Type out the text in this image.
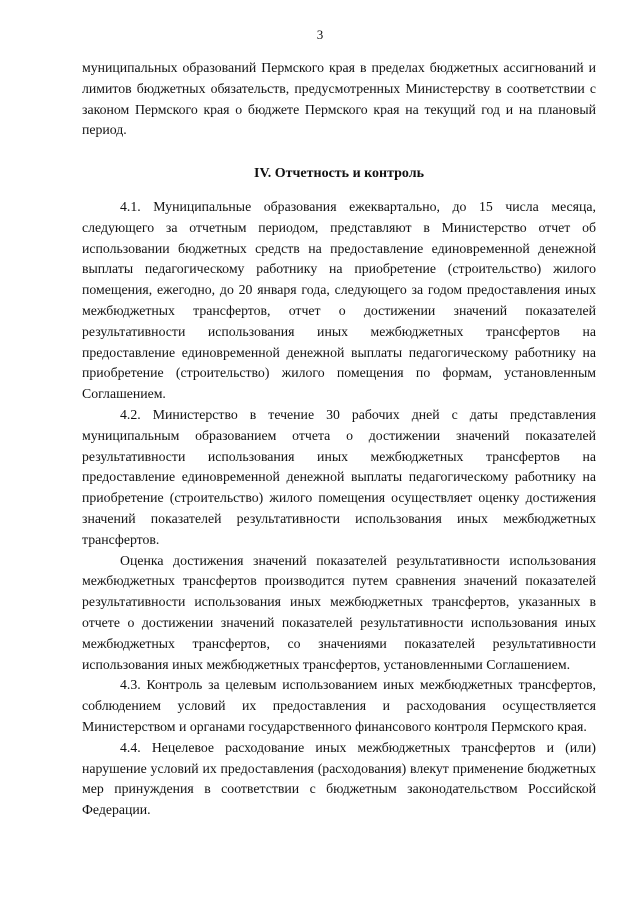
3

муниципальных образований Пермского края в пределах бюджетных ассигнований и лимитов бюджетных обязательств, предусмотренных Министерству в соответствии с законом Пермского края о бюджете Пермского края на текущий год и на плановый период.

IV. Отчетность и контроль

4.1. Муниципальные образования ежеквартально, до 15 числа месяца, следующего за отчетным периодом, представляют в Министерство отчет об использовании бюджетных средств на предоставление единовременной денежной выплаты педагогическому работнику на приобретение (строительство) жилого помещения, ежегодно, до 20 января года, следующего за годом предоставления иных межбюджетных трансфертов, отчет о достижении значений показателей результативности использования иных межбюджетных трансфертов на предоставление единовременной денежной выплаты педагогическому работнику на приобретение (строительство) жилого помещения по формам, установленным Соглашением.

4.2. Министерство в течение 30 рабочих дней с даты представления муниципальным образованием отчета о достижении значений показателей результативности использования иных межбюджетных трансфертов на предоставление единовременной денежной выплаты педагогическому работнику на приобретение (строительство) жилого помещения осуществляет оценку достижения значений показателей результативности использования иных межбюджетных трансфертов.

Оценка достижения значений показателей результативности использования межбюджетных трансфертов производится путем сравнения значений показателей результативности использования иных межбюджетных трансфертов, указанных в отчете о достижении значений показателей результативности использования иных межбюджетных трансфертов, со значениями показателей результативности использования иных межбюджетных трансфертов, установленными Соглашением.

4.3. Контроль за целевым использованием иных межбюджетных трансфертов, соблюдением условий их предоставления и расходования осуществляется Министерством и органами государственного финансового контроля Пермского края.

4.4. Нецелевое расходование иных межбюджетных трансфертов и (или) нарушение условий их предоставления (расходования) влекут применение бюджетных мер принуждения в соответствии с бюджетным законодательством Российской Федерации.
